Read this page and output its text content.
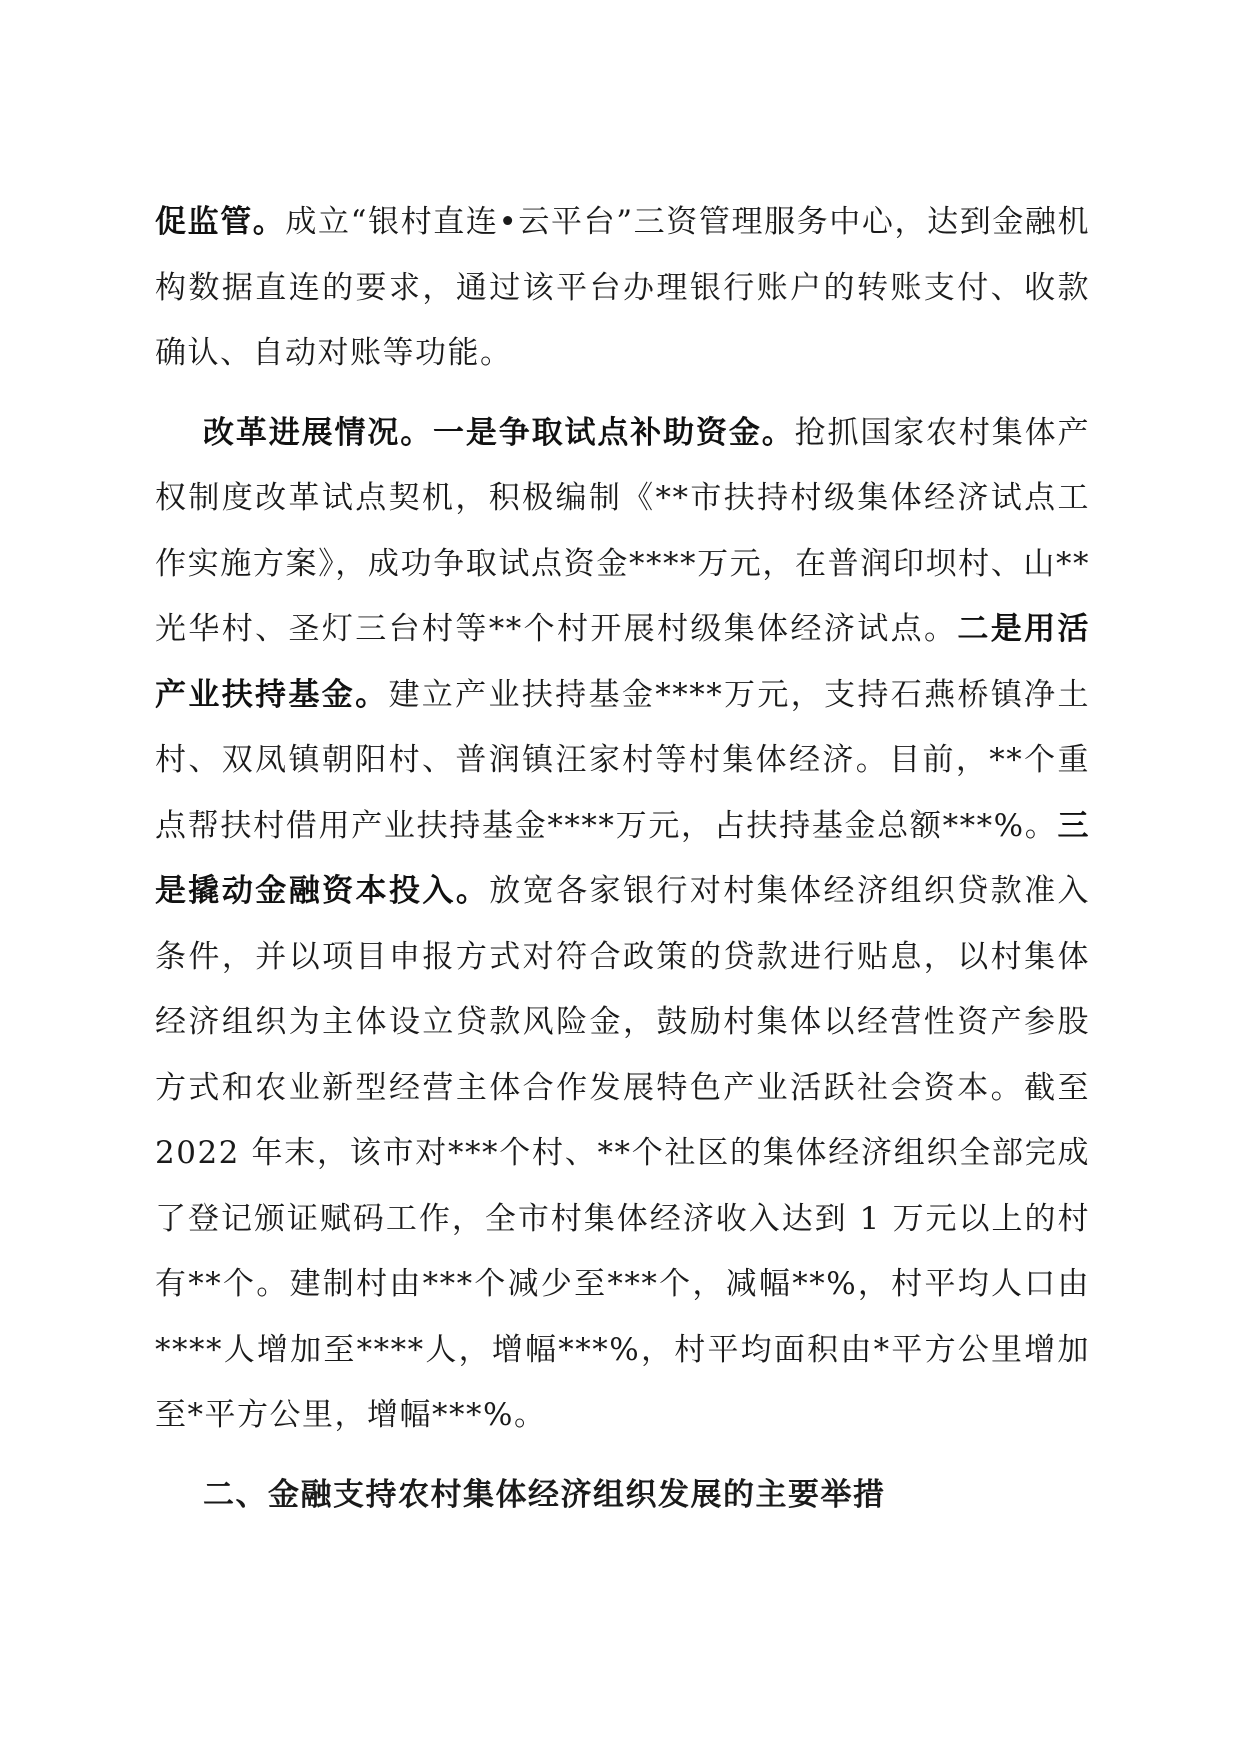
促监管。成立“银村直连•云平台”三资管理服务中心，达到金融机构数据直连的要求，通过该平台办理银行账户的转账支付、收款确认、自动对账等功能。

改革进展情况。一是争取试点补助资金。抢抓国家农村集体产权制度改革试点契机，积极编制《**市扶持村级集体经济试点工作实施方案》，成功争取试点资金****万元，在普润印坝村、山**光华村、圣灯三台村等**个村开展村级集体经济试点。二是用活产业扶持基金。建立产业扶持基金****万元，支持石燕桥镇净土村、双凤镇朝阳村、普润镇汪家村等村集体经济。目前，**个重点帮扶村借用产业扶持基金****万元，占扶持基金总额***%。三是撬动金融资本投入。放宽各家银行对村集体经济组织贷款准入条件，并以项目申报方式对符合政策的贷款进行贴息，以村集体经济组织为主体设立贷款风险金，鼓励村集体以经营性资产参股方式和农业新型经营主体合作发展特色产业活跃社会资本。截至 2022 年末，该市对***个村、**个社区的集体经济组织全部完成了登记颁证赋码工作，全市村集体经济收入达到 1 万元以上的村有**个。建制村由***个减少至***个，减幅**%，村平均人口由****人增加至****人，增幅***%，村平均面积由*平方公里增加至*平方公里，增幅***%。

二、金融支持农村集体经济组织发展的主要举措
